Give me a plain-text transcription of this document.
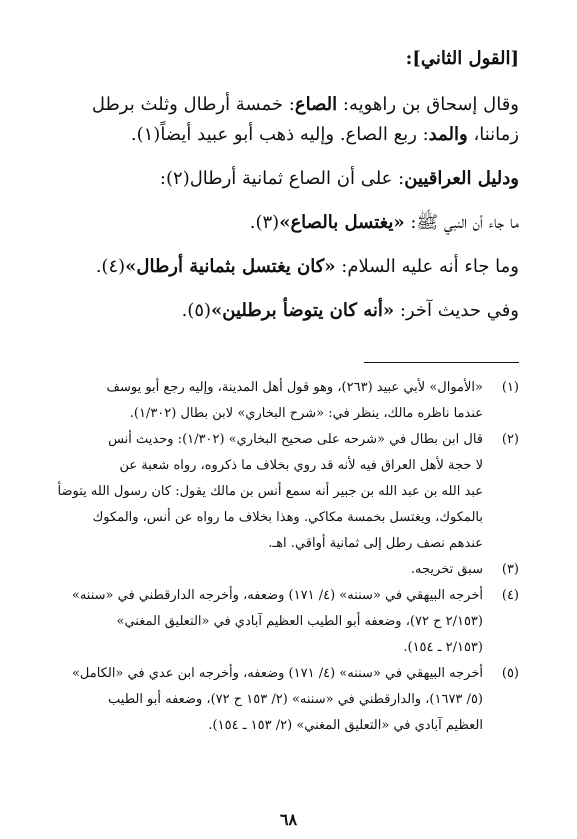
[القول الثاني]:

وقال إسحاق بن راهويه: الصاع: خمسة أرطال وثلث برطل

زماننا، والمد: ربع الصاع. وإليه ذهب أبو عبيد أيضاً(١).

ودليل العراقيين: على أن الصاع ثمانية أرطال(٢):

ما جاء أن النبي ﷺ: «يغتسل بالصاع»(٣).

وما جاء أنه عليه السلام: «كان يغتسل بثمانية أرطال»(٤).

وفي حديث آخر: «أنه كان يتوضأ برطلين»(٥).

(١)
«الأموال» لأبي عبيد (٢٦٣)، وهو قول أهل المدينة، وإليه رجع أبو يوسف
عندما ناظره مالك، ينظر في: «شرح البخاري» لابن بطال (١/٣٠٢).
(٢)
قال ابن بطال في «شرحه على صحيح البخاري» (١/٣٠٢): وحديث أنس
لا حجة لأهل العراق فيه لأنه قد روي بخلاف ما ذكروه، رواه شعبة عن
عبد الله بن عبد الله بن جبير أنه سمع أنس بن مالك يقول: كان رسول الله يتوضأ
بالمكوك، ويغتسل بخمسة مكاكي. وهذا بخلاف ما رواه عن أنس، والمكوك
عندهم نصف رطل إلى ثمانية أواقي. اهـ.
(٣)
سبق تخريجه.
(٤)
أخرجه البيهقي في «سننه» (٤/ ١٧١) وضعفه، وأخرجه الدارقطني في «سننه»
(٢/١٥٣ ح ٧٢)، وضعفه أبو الطيب العظيم آبادي في «التعليق المغني»
(٢/١٥٣ ـ ١٥٤).
(٥)
أخرجه البيهقي في «سننه» (٤/ ١٧١) وضعفه، وأخرجه ابن عدي في «الكامل»
(٥/ ١٦٧٣)، والدارقطني في «سننه» (٢/ ١٥٣ ح ٧٢)، وضعفه أبو الطيب
العظيم آبادي في «التعليق المغني» (٢/ ١٥٣ ـ ١٥٤).
٦٨
